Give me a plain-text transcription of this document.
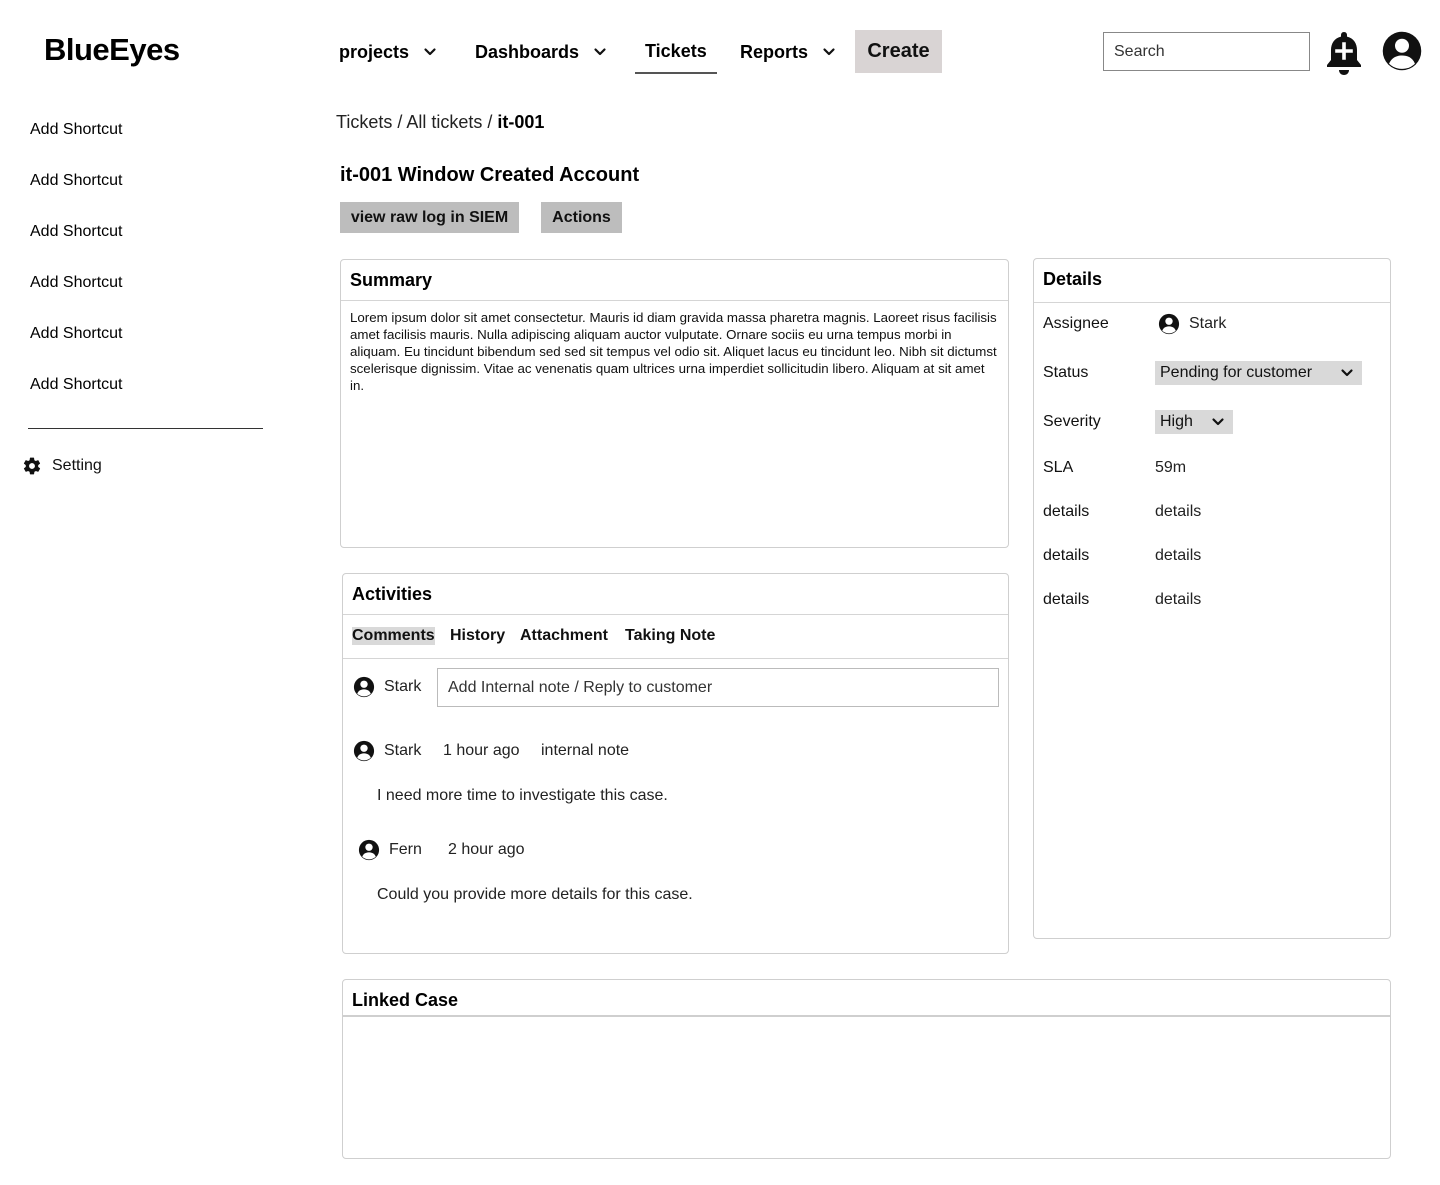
BlueEyes	projects	Dashboards	Tickets Reports	Create
Search
Add Shortcut
Add Shortcut
Add Shortcut
Add Shortcut
Add Shortcut
Add Shortcut
Setting
Tickets / All tickets / it-001
it-001 Window Created Account
view raw log in SIEM	Actions
Summary
Lorem ipsum dolor sit amet consectetur. Mauris id diam gravida massa pharetra magnis. Laoreet risus facilisis amet facilisis mauris. Nulla adipiscing aliquam auctor vulputate. Ornare sociis eu urna tempus morbi in aliquam. Eu tincidunt bibendum sed sed sit tempus vel odio sit. Aliquet lacus eu tincidunt leo. Nibh sit dictumst scelerisque dignissim. Vitae ac venenatis quam ultrices urna imperdiet sollicitudin libero. Aliquam at sit amet in.
Activities
Comments History Attachment Taking Note
Stark
Add Internal note / Reply to customer
Stark 1 hour ago internal note
I need more time to investigate this case.
Fern 2 hour ago
Could you provide more details for this case.
Details
Assignee	Stark
Status	Pending for customer
Severity	High
SLA	59m
details	details
details	details
details	details
Linked Case
